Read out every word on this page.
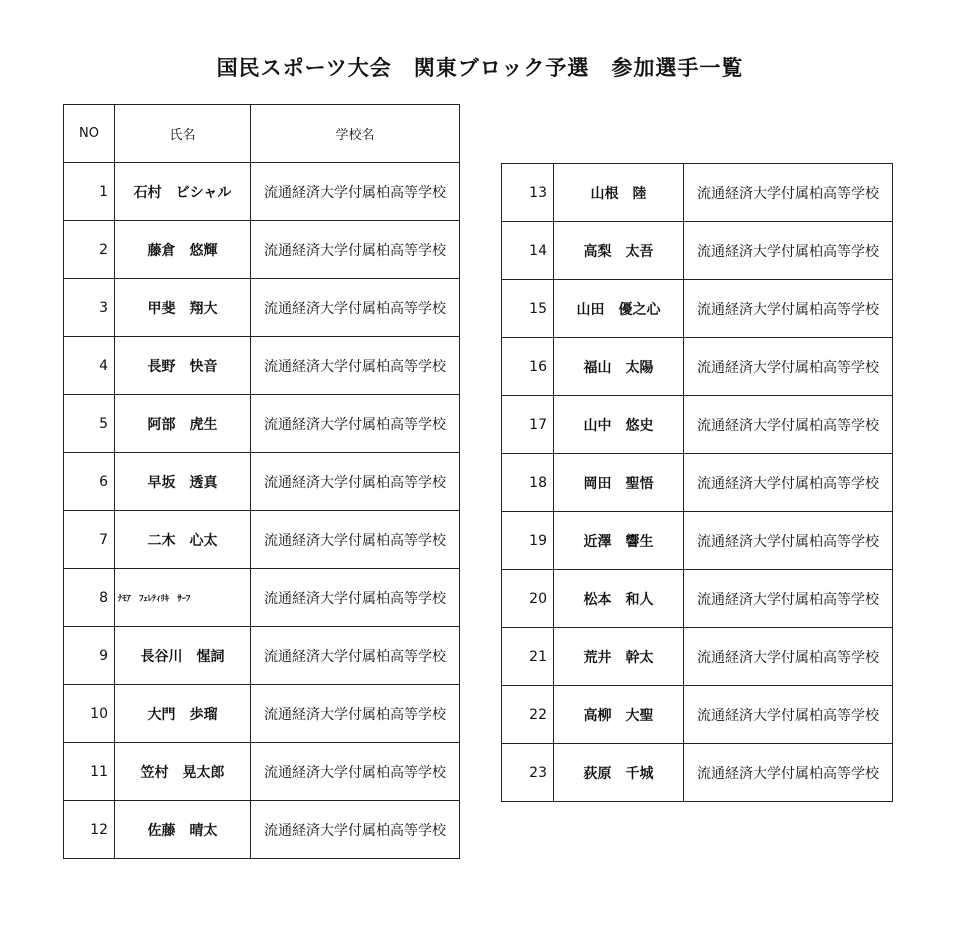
国民スポーツ大会　関東ブロック予選　参加選手一覧
NO	氏名	学校名
1	石村　ビシャル	流通経済大学付属柏高等学校
2	藤倉　悠輝	流通経済大学付属柏高等学校
3	甲斐　翔大	流通経済大学付属柏高等学校
4	長野　快音	流通経済大学付属柏高等学校
5	阿部　虎生	流通経済大学付属柏高等学校
6	早坂　透真	流通経済大学付属柏高等学校
7	二木　心太	流通経済大学付属柏高等学校
8	ﾅﾓｱ　ﾌｪﾚﾃｨﾘｷ　ｻｰﾌ	流通経済大学付属柏高等学校
9	長谷川　惺詞	流通経済大学付属柏高等学校
10	大門　歩瑠	流通経済大学付属柏高等学校
11	笠村　晃太郎	流通経済大学付属柏高等学校
12	佐藤　晴太	流通経済大学付属柏高等学校
13	山根　陸	流通経済大学付属柏高等学校
14	高梨　太吾	流通経済大学付属柏高等学校
15	山田　優之心	流通経済大学付属柏高等学校
16	福山　太陽	流通経済大学付属柏高等学校
17	山中　悠史	流通経済大学付属柏高等学校
18	岡田　聖悟	流通経済大学付属柏高等学校
19	近澤　響生	流通経済大学付属柏高等学校
20	松本　和人	流通経済大学付属柏高等学校
21	荒井　幹太	流通経済大学付属柏高等学校
22	高柳　大聖	流通経済大学付属柏高等学校
23	荻原　千城	流通経済大学付属柏高等学校
